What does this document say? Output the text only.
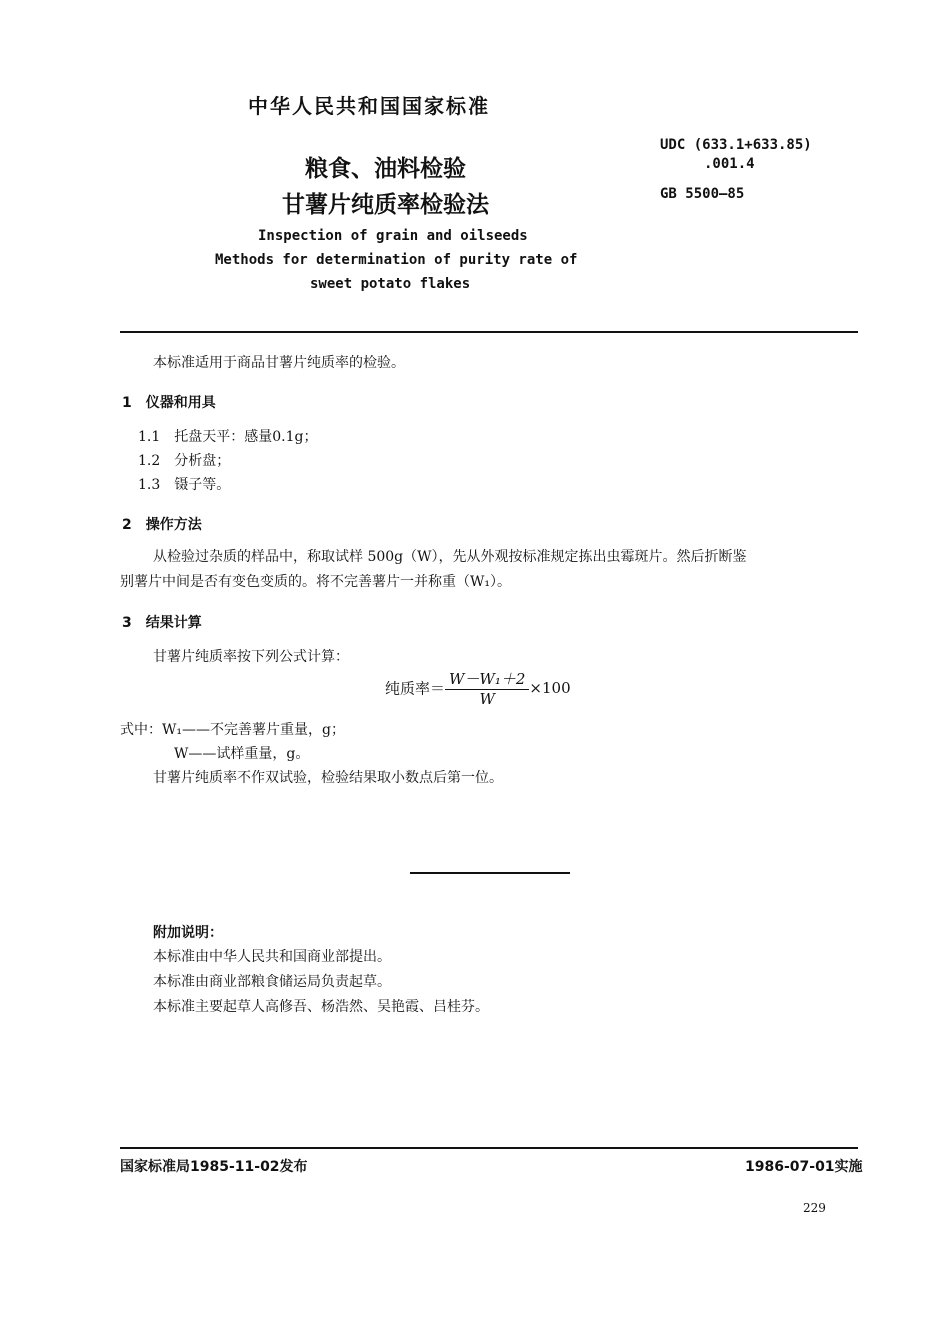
中华人民共和国国家标准
粮食、油料检验
甘薯片纯质率检验法
UDC (633.1+633.85)
.001.4
GB 5500—85
Inspection of grain and oilseeds
Methods for determination of purity rate of
sweet potato flakes
本标准适用于商品甘薯片纯质率的检验。
1　仪器和用具
1.1　托盘天平：感量0.1g；
1.2　分析盘；
1.3　镊子等。
2　操作方法
从检验过杂质的样品中，称取试样 500g（W），先从外观按标准规定拣出虫霉斑片。然后折断鉴
别薯片中间是否有变色变质的。将不完善薯片一并称重（W₁）。
3　结果计算
甘薯片纯质率按下列公式计算：
纯质率＝ $\frac{\text{W－W₁＋2}}{W} \times 100$
式中：W₁——不完善薯片重量，g；
W——试样重量，g。
甘薯片纯质率不作双试验，检验结果取小数点后第一位。
附加说明：
本标准由中华人民共和国商业部提出。
本标准由商业部粮食储运局负责起草。
本标准主要起草人高修吾、杨浩然、吴艳霞、吕桂芬。
国家标准局1985-11-02发布	1986-07-01实施
229
